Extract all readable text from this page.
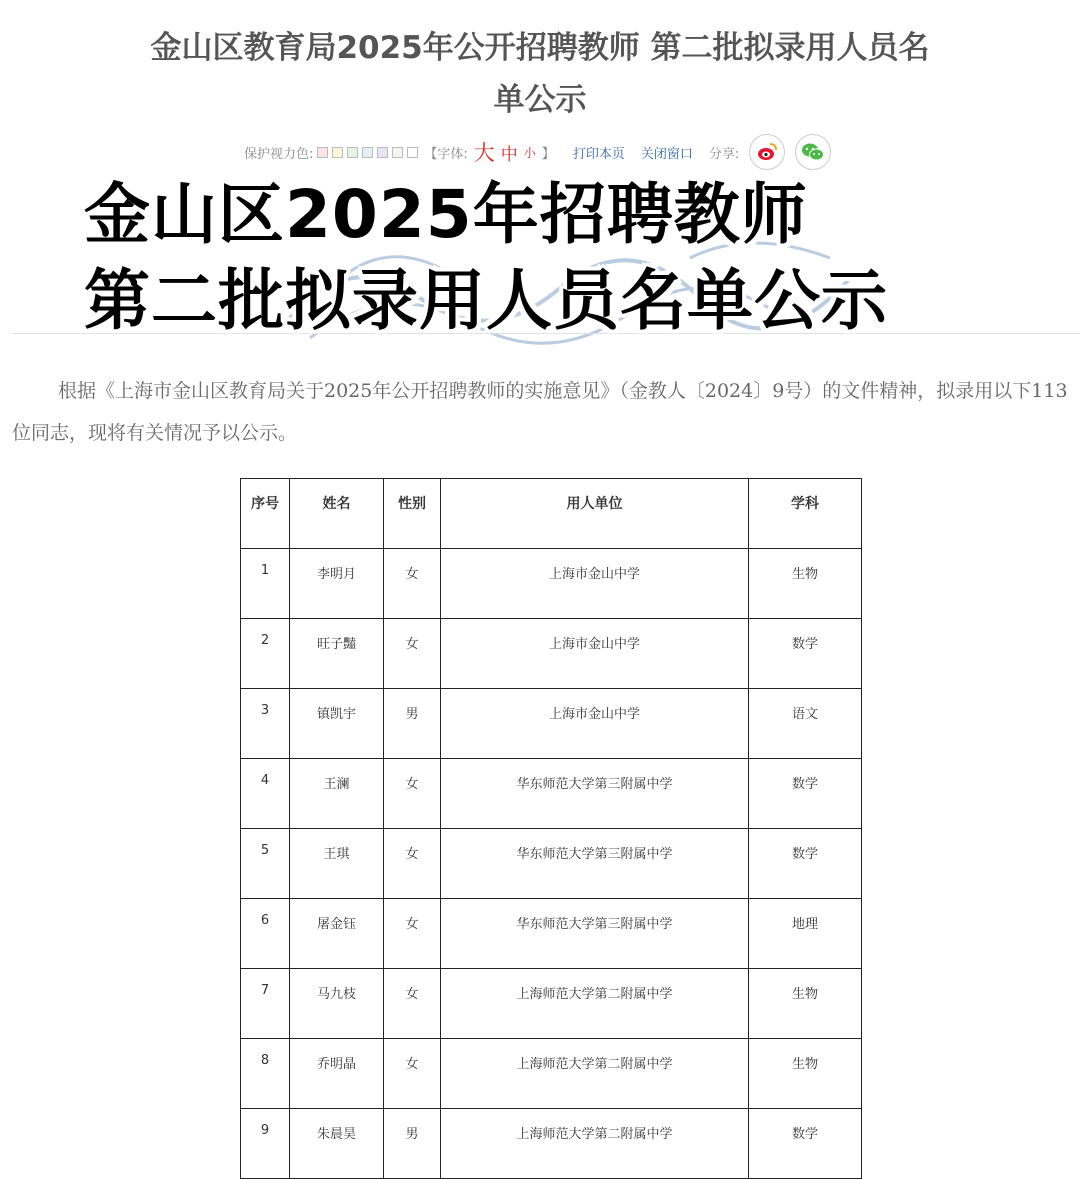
金山区教育局2025年公开招聘教师 第二批拟录用人员名
单公示
保护视力色:	【字体: 大 中 小 】 打印本页 关闭窗口 分享:
金山区2025年招聘教师
第二批拟录用人员名单公示

根据《上海市金山区教育局关于2025年公开招聘教师的实施意见》（金教人〔2024〕9号）的文件精神，拟录用以下113位同志，现将有关情况予以公示。

序号	姓名	性别	用人单位	学科
1	李明月	女	上海市金山中学	生物
2	旺子豔	女	上海市金山中学	数学
3	镇凯宇	男	上海市金山中学	语文
4	王澜	女	华东师范大学第三附属中学	数学
5	王琪	女	华东师范大学第三附属中学	数学
6	屠金钰	女	华东师范大学第三附属中学	地理
7	马九枝	女	上海师范大学第二附属中学	生物
8	乔明晶	女	上海师范大学第二附属中学	生物
9	朱晨昊	男	上海师范大学第二附属中学	数学
